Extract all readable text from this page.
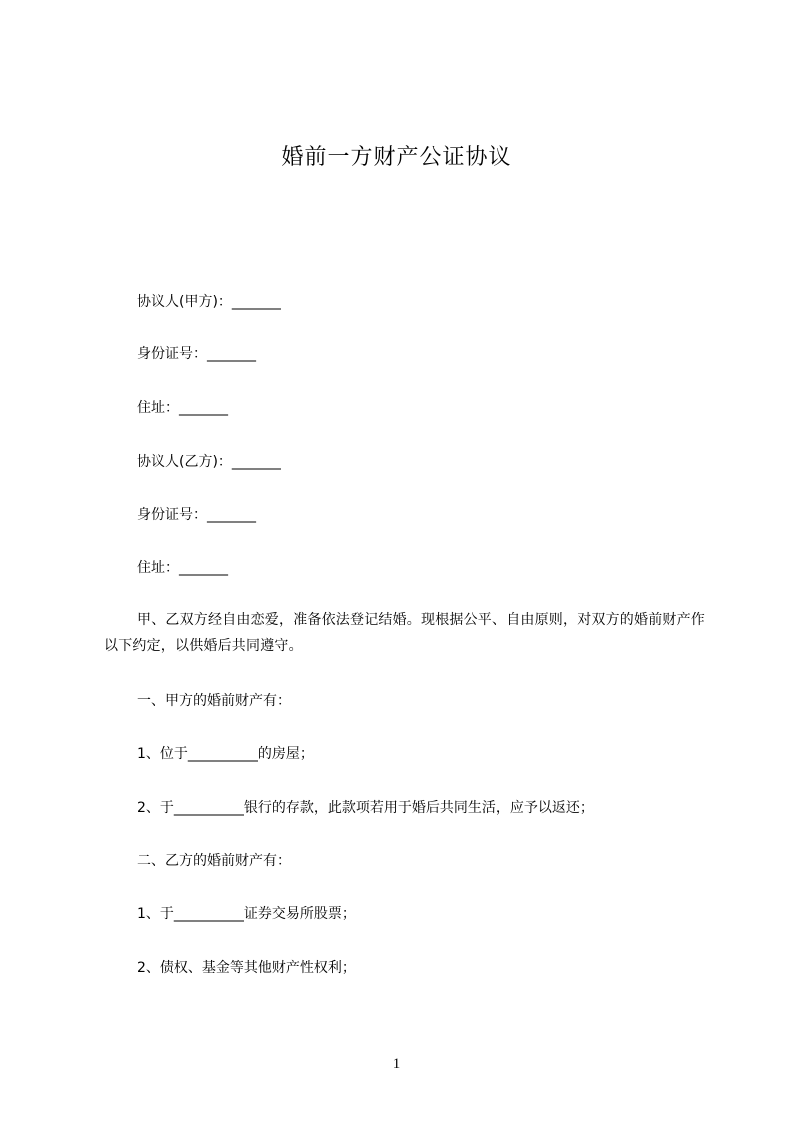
婚前一方财产公证协议
协议人(甲方)：_______
身份证号：_______
住址：_______
协议人(乙方)：_______
身份证号：_______
住址：_______
甲、乙双方经自由恋爱，准备依法登记结婚。现根据公平、自由原则，对双方的婚前财产作以下约定，以供婚后共同遵守。
一、甲方的婚前财产有：
1、位于__________的房屋；
2、于__________银行的存款，此款项若用于婚后共同生活，应予以返还；
二、乙方的婚前财产有：
1、于__________证券交易所股票；
2、债权、基金等其他财产性权利；
1
